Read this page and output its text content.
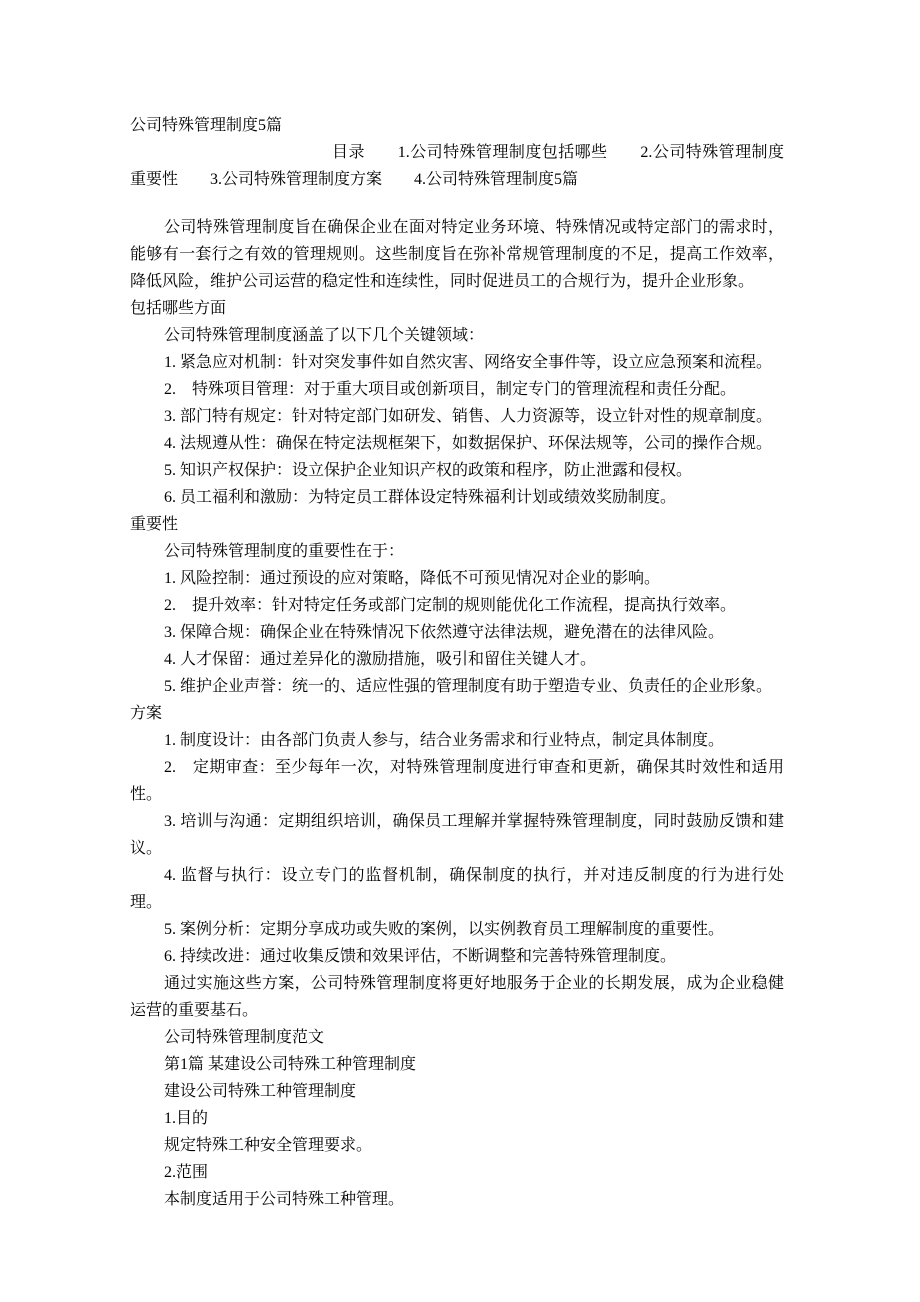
公司特殊管理制度5篇

目录　　1.公司特殊管理制度包括哪些　　2.公司特殊管理制度重要性　　3.公司特殊管理制度方案　　4.公司特殊管理制度5篇

公司特殊管理制度旨在确保企业在面对特定业务环境、特殊情况或特定部门的需求时，能够有一套行之有效的管理规则。这些制度旨在弥补常规管理制度的不足，提高工作效率，降低风险，维护公司运营的稳定性和连续性，同时促进员工的合规行为，提升企业形象。

包括哪些方面

公司特殊管理制度涵盖了以下几个关键领域：

1. 紧急应对机制：针对突发事件如自然灾害、网络安全事件等，设立应急预案和流程。

2.　特殊项目管理：对于重大项目或创新项目，制定专门的管理流程和责任分配。

3. 部门特有规定：针对特定部门如研发、销售、人力资源等，设立针对性的规章制度。

4. 法规遵从性：确保在特定法规框架下，如数据保护、环保法规等，公司的操作合规。

5. 知识产权保护：设立保护企业知识产权的政策和程序，防止泄露和侵权。

6. 员工福利和激励：为特定员工群体设定特殊福利计划或绩效奖励制度。

重要性

公司特殊管理制度的重要性在于：

1. 风险控制：通过预设的应对策略，降低不可预见情况对企业的影响。

2.　提升效率：针对特定任务或部门定制的规则能优化工作流程，提高执行效率。

3. 保障合规：确保企业在特殊情况下依然遵守法律法规，避免潜在的法律风险。

4. 人才保留：通过差异化的激励措施，吸引和留住关键人才。

5. 维护企业声誉：统一的、适应性强的管理制度有助于塑造专业、负责任的企业形象。

方案

1. 制度设计：由各部门负责人参与，结合业务需求和行业特点，制定具体制度。

2.　定期审查：至少每年一次，对特殊管理制度进行审查和更新，确保其时效性和适用性。

3. 培训与沟通：定期组织培训，确保员工理解并掌握特殊管理制度，同时鼓励反馈和建议。

4. 监督与执行：设立专门的监督机制，确保制度的执行，并对违反制度的行为进行处理。

5. 案例分析：定期分享成功或失败的案例，以实例教育员工理解制度的重要性。

6. 持续改进：通过收集反馈和效果评估，不断调整和完善特殊管理制度。

通过实施这些方案，公司特殊管理制度将更好地服务于企业的长期发展，成为企业稳健运营的重要基石。

公司特殊管理制度范文

第1篇 某建设公司特殊工种管理制度

建设公司特殊工种管理制度

1.目的

规定特殊工种安全管理要求。

2.范围

本制度适用于公司特殊工种管理。
